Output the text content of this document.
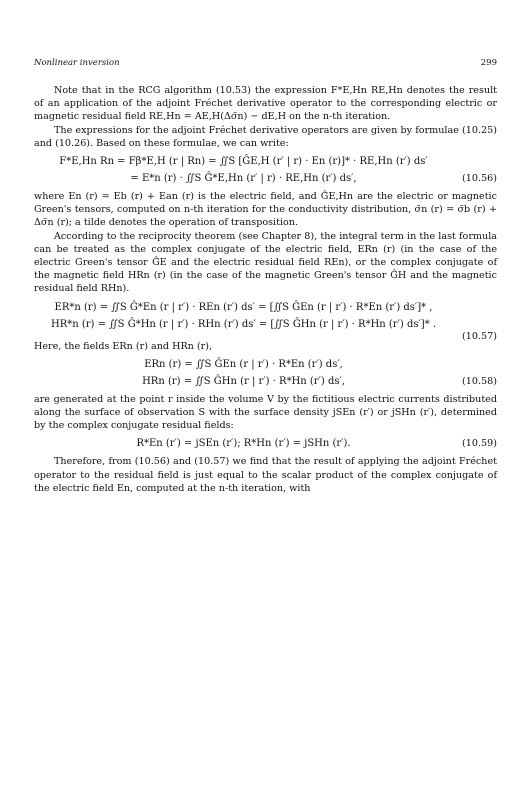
Nonlinear inversion	299

Note that in the RCG algorithm (10.53) the expression F*E,Hn RE,Hn denotes the result of an application of the adjoint Fréchet derivative operator to the corresponding electric or magnetic residual field RE,Hn = AE,H(Δσ̃n) − dE,H on the n-th iteration.

The expressions for the adjoint Fréchet derivative operators are given by formulae (10.25) and (10.26). Based on these formulae, we can write:

F*E,Hn Rn = Fβ*E,H (r | Rn) = ∬S [ĜE,H (r′ | r) · En (r)]* · RE,Hn (r′) ds′
= E*n (r) · ∬S Ĝ̃*E,Hn (r′ | r) · RE,Hn (r′) ds′,	(10.56)

where En (r) = Eb (r) + Ean (r) is the electric field, and ĜE,Hn are the electric or magnetic Green's tensors, computed on n-th iteration for the conductivity distribution, σ̃n (r) = σ̃b (r) + Δσ̃n (r); a tilde denotes the operation of transposition.

According to the reciprocity theorem (see Chapter 8), the integral term in the last formula can be treated as the complex conjugate of the electric field, ERn (r) (in the case of the electric Green's tensor ĜE and the electric residual field REn), or the complex conjugate of the magnetic field HRn (r) (in the case of the magnetic Green's tensor ĜH and the magnetic residual field RHn).

ER*n (r) = ∬S Ĝ*En (r | r′) · REn (r′) ds′ = [∬S ĜEn (r | r′) · R*En (r′) ds′]* ,
HR*n (r) = ∬S Ĝ*Hn (r | r′) · RHn (r′) ds′ = [∬S ĜHn (r | r′) · R*Hn (r′) ds′]* .
(10.57)

Here, the fields ERn (r) and HRn (r),

ERn (r) = ∬S ĜEn (r | r′) · R*En (r′) ds′,
HRn (r) = ∬S ĜHn (r | r′) · R*Hn (r′) ds′,	(10.58)

are generated at the point r inside the volume V by the fictitious electric currents distributed along the surface of observation S with the surface density jSEn (r′) or jSHn (r′), determined by the complex conjugate residual fields:

R*En (r′) = jSEn (r′); R*Hn (r′) = jSHn (r′).	(10.59)

Therefore, from (10.56) and (10.57) we find that the result of applying the adjoint Fréchet operator to the residual field is just equal to the scalar product of the complex conjugate of the electric field En, computed at the n-th iteration, with
